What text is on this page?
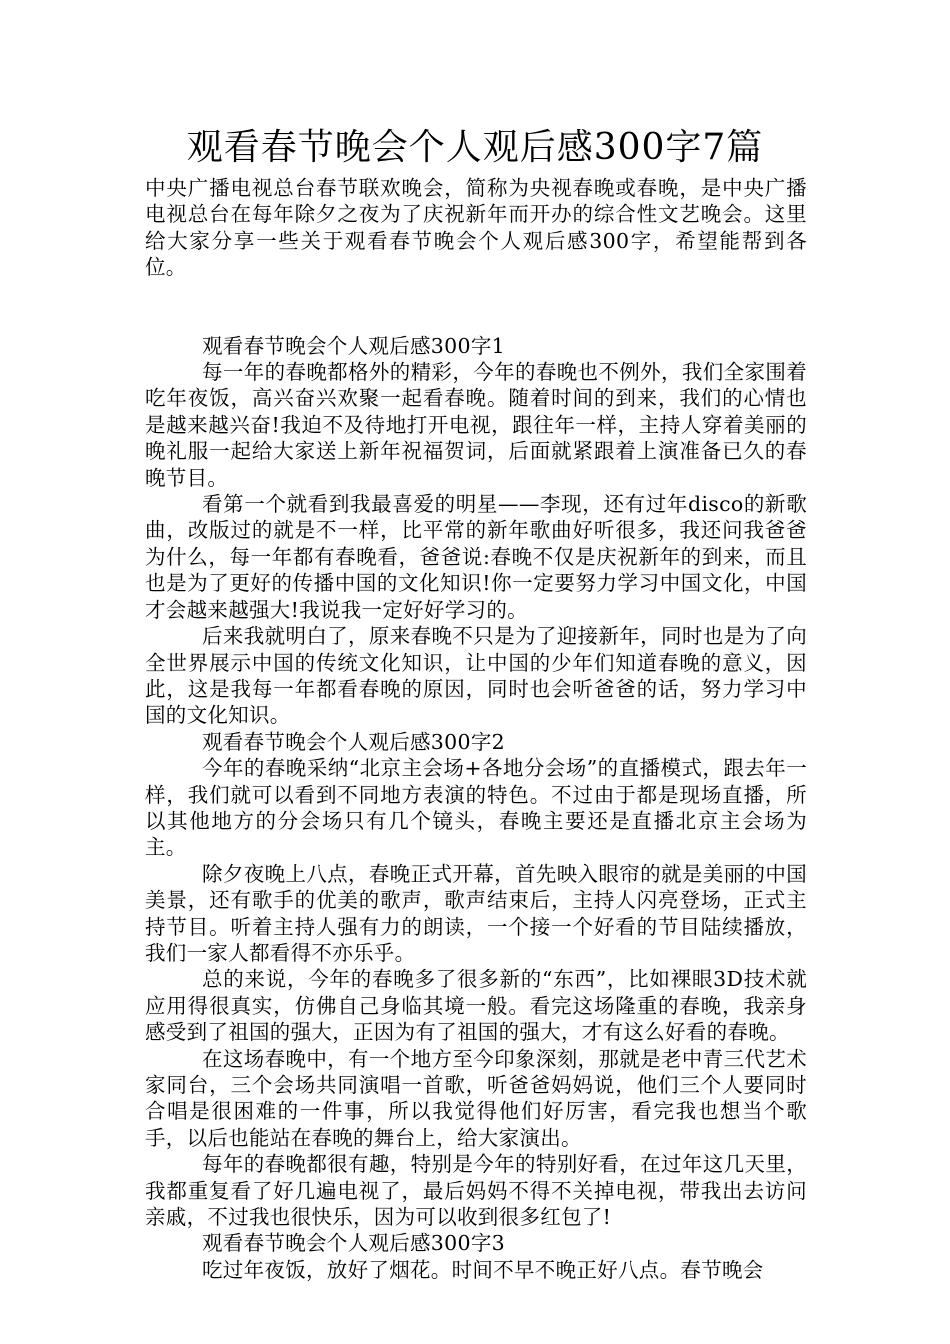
观看春节晚会个人观后感300字7篇

中央广播电视总台春节联欢晚会，简称为央视春晚或春晚，是中央广播电视总台在每年除夕之夜为了庆祝新年而开办的综合性文艺晚会。这里给大家分享一些关于观看春节晚会个人观后感300字，希望能帮到各位。

观看春节晚会个人观后感300字1

每一年的春晚都格外的精彩，今年的春晚也不例外，我们全家围着吃年夜饭，高兴奋兴欢聚一起看春晚。随着时间的到来，我们的心情也是越来越兴奋!我迫不及待地打开电视，跟往年一样，主持人穿着美丽的晚礼服一起给大家送上新年祝福贺词，后面就紧跟着上演准备已久的春晚节目。

看第一个就看到我最喜爱的明星——李现，还有过年disco的新歌曲，改版过的就是不一样，比平常的新年歌曲好听很多，我还问我爸爸为什么，每一年都有春晚看，爸爸说:春晚不仅是庆祝新年的到来，而且也是为了更好的传播中国的文化知识!你一定要努力学习中国文化，中国才会越来越强大!我说我一定好好学习的。

后来我就明白了，原来春晚不只是为了迎接新年，同时也是为了向全世界展示中国的传统文化知识，让中国的少年们知道春晚的意义，因此，这是我每一年都看春晚的原因，同时也会听爸爸的话，努力学习中国的文化知识。

观看春节晚会个人观后感300字2

今年的春晚采纳“北京主会场+各地分会场”的直播模式，跟去年一样，我们就可以看到不同地方表演的特色。不过由于都是现场直播，所以其他地方的分会场只有几个镜头，春晚主要还是直播北京主会场为主。

除夕夜晚上八点，春晚正式开幕，首先映入眼帘的就是美丽的中国美景，还有歌手的优美的歌声，歌声结束后，主持人闪亮登场，正式主持节目。听着主持人强有力的朗读，一个接一个好看的节目陆续播放，我们一家人都看得不亦乐乎。

总的来说，今年的春晚多了很多新的“东西”，比如裸眼3D技术就应用得很真实，仿佛自己身临其境一般。看完这场隆重的春晚，我亲身感受到了祖国的强大，正因为有了祖国的强大，才有这么好看的春晚。

在这场春晚中，有一个地方至今印象深刻，那就是老中青三代艺术家同台，三个会场共同演唱一首歌，听爸爸妈妈说，他们三个人要同时合唱是很困难的一件事，所以我觉得他们好厉害，看完我也想当个歌手，以后也能站在春晚的舞台上，给大家演出。

每年的春晚都很有趣，特别是今年的特别好看，在过年这几天里，我都重复看了好几遍电视了，最后妈妈不得不关掉电视，带我出去访问亲戚，不过我也很快乐，因为可以收到很多红包了!

观看春节晚会个人观后感300字3

吃过年夜饭，放好了烟花。时间不早不晚正好八点。春节晚会
